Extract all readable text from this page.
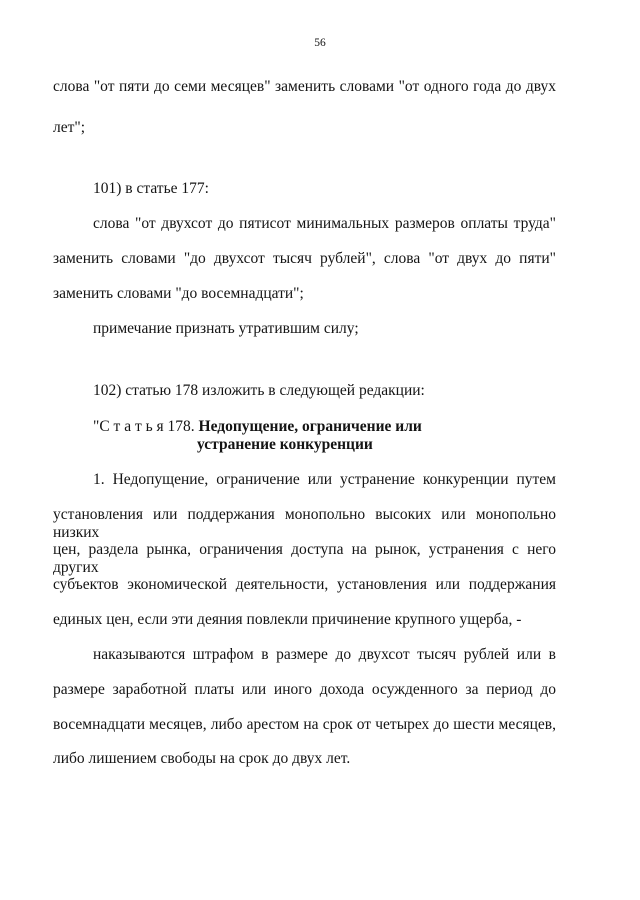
56
слова "от пяти до семи месяцев" заменить словами "от одного года до двух
лет";
101) в статье 177:
слова "от двухсот до пятисот минимальных размеров оплаты труда"
заменить словами "до двухсот тысяч рублей", слова "от двух до пяти"
заменить словами "до восемнадцати";
примечание признать утратившим силу;
102) статью 178 изложить в следующей редакции:
"С т а т ь я 178. Недопущение, ограничение или
устранение конкуренции
1. Недопущение, ограничение или устранение конкуренции путем
установления или поддержания монопольно высоких или монопольно низких
цен, раздела рынка, ограничения доступа на рынок, устранения с него других
субъектов экономической деятельности, установления или поддержания
единых цен, если эти деяния повлекли причинение крупного ущерба, -
наказываются штрафом в размере до двухсот тысяч рублей или в
размере заработной платы или иного дохода осужденного за период до
восемнадцати месяцев, либо арестом на срок от четырех до шести месяцев,
либо лишением свободы на срок до двух лет.
